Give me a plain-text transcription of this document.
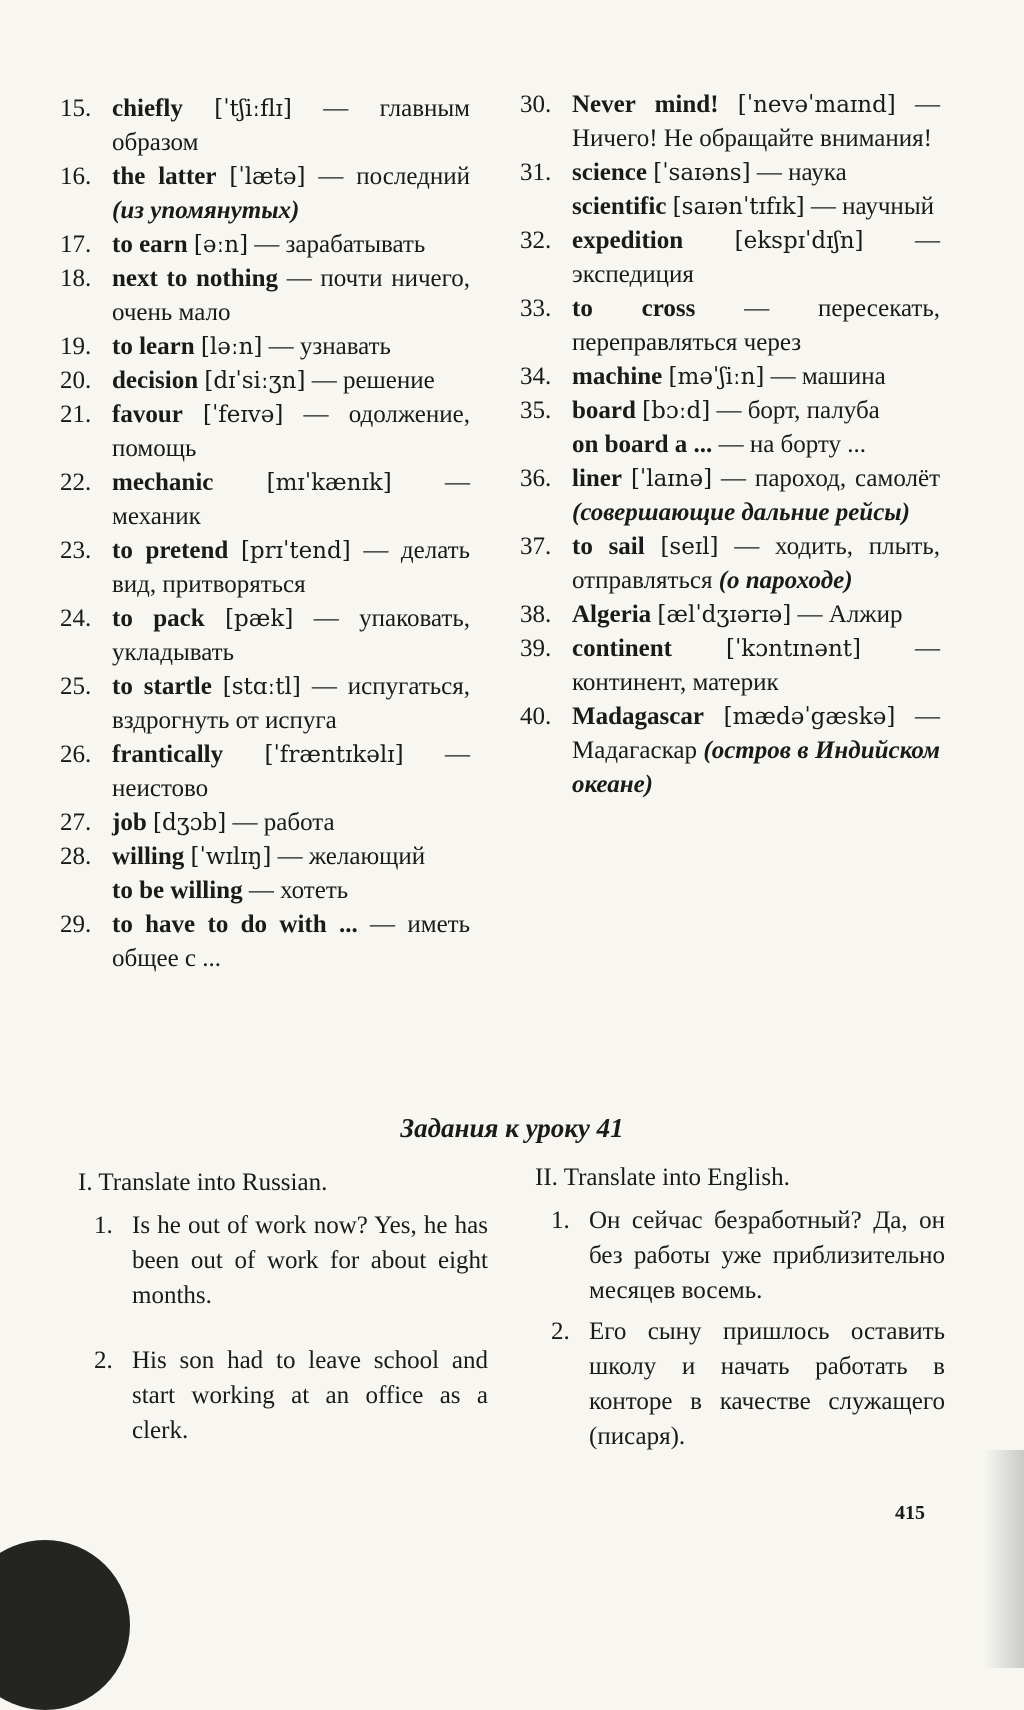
15. chiefly [ˈtʃiːflɪ] — главным образом

16. the latter [ˈlætə] — последний (из упомянутых)

17. to earn [əːn] — зарабатывать

18. next to nothing — почти ничего, очень мало

19. to learn [ləːn] — узнавать

20. decision [dɪˈsiːʒn] — решение

21. favour [ˈfeɪvə] — одолжение, помощь

22. mechanic [mɪˈkænɪk] — механик

23. to pretend [prɪˈtend] — делать вид, притворяться

24. to pack [pæk] — упаковать, укладывать

25. to startle [stɑːtl] — испугаться, вздрогнуть от испуга

26. frantically [ˈfræntɪkəlɪ] — неистово

27. job [dʒɔb] — работа

28. willing [ˈwɪlɪŋ] — желающий

to be willing — хотеть

29. to have to do with ... — иметь общее с ...

30. Never mind! [ˈnevəˈmaɪnd] — Ничего! Не обращайте внимания!

31. science [ˈsaɪəns] — наука

scientific [saɪənˈtɪfɪk] — научный

32. expedition [ekspɪˈdɪʃn] — экспедиция

33. to cross — пересекать, переправляться через

34. machine [məˈʃiːn] — машина

35. board [bɔːd] — борт, палуба

on board a ... — на борту ...

36. liner [ˈlaɪnə] — пароход, самолёт (совершающие дальние рейсы)

37. to sail [seɪl] — ходить, плыть, отправляться (о пароходе)

38. Algeria [ælˈdʒɪərɪə] — Алжир

39. continent [ˈkɔntɪnənt] — континент, материк

40. Madagascar [mædəˈgæskə] — Мадагаскар (остров в Индийском океане)

Задания к уроку 41

I. Translate into Russian.

1. Is he out of work now? Yes, he has been out of work for about eight months.
2. His son had to leave school and start working at an office as a clerk.

II. Translate into English.

1. Он сейчас безработный? Да, он без работы уже приблизительно месяцев восемь.
2. Его сыну пришлось оставить школу и начать работать в конторе в качестве служащего (писаря).
415
